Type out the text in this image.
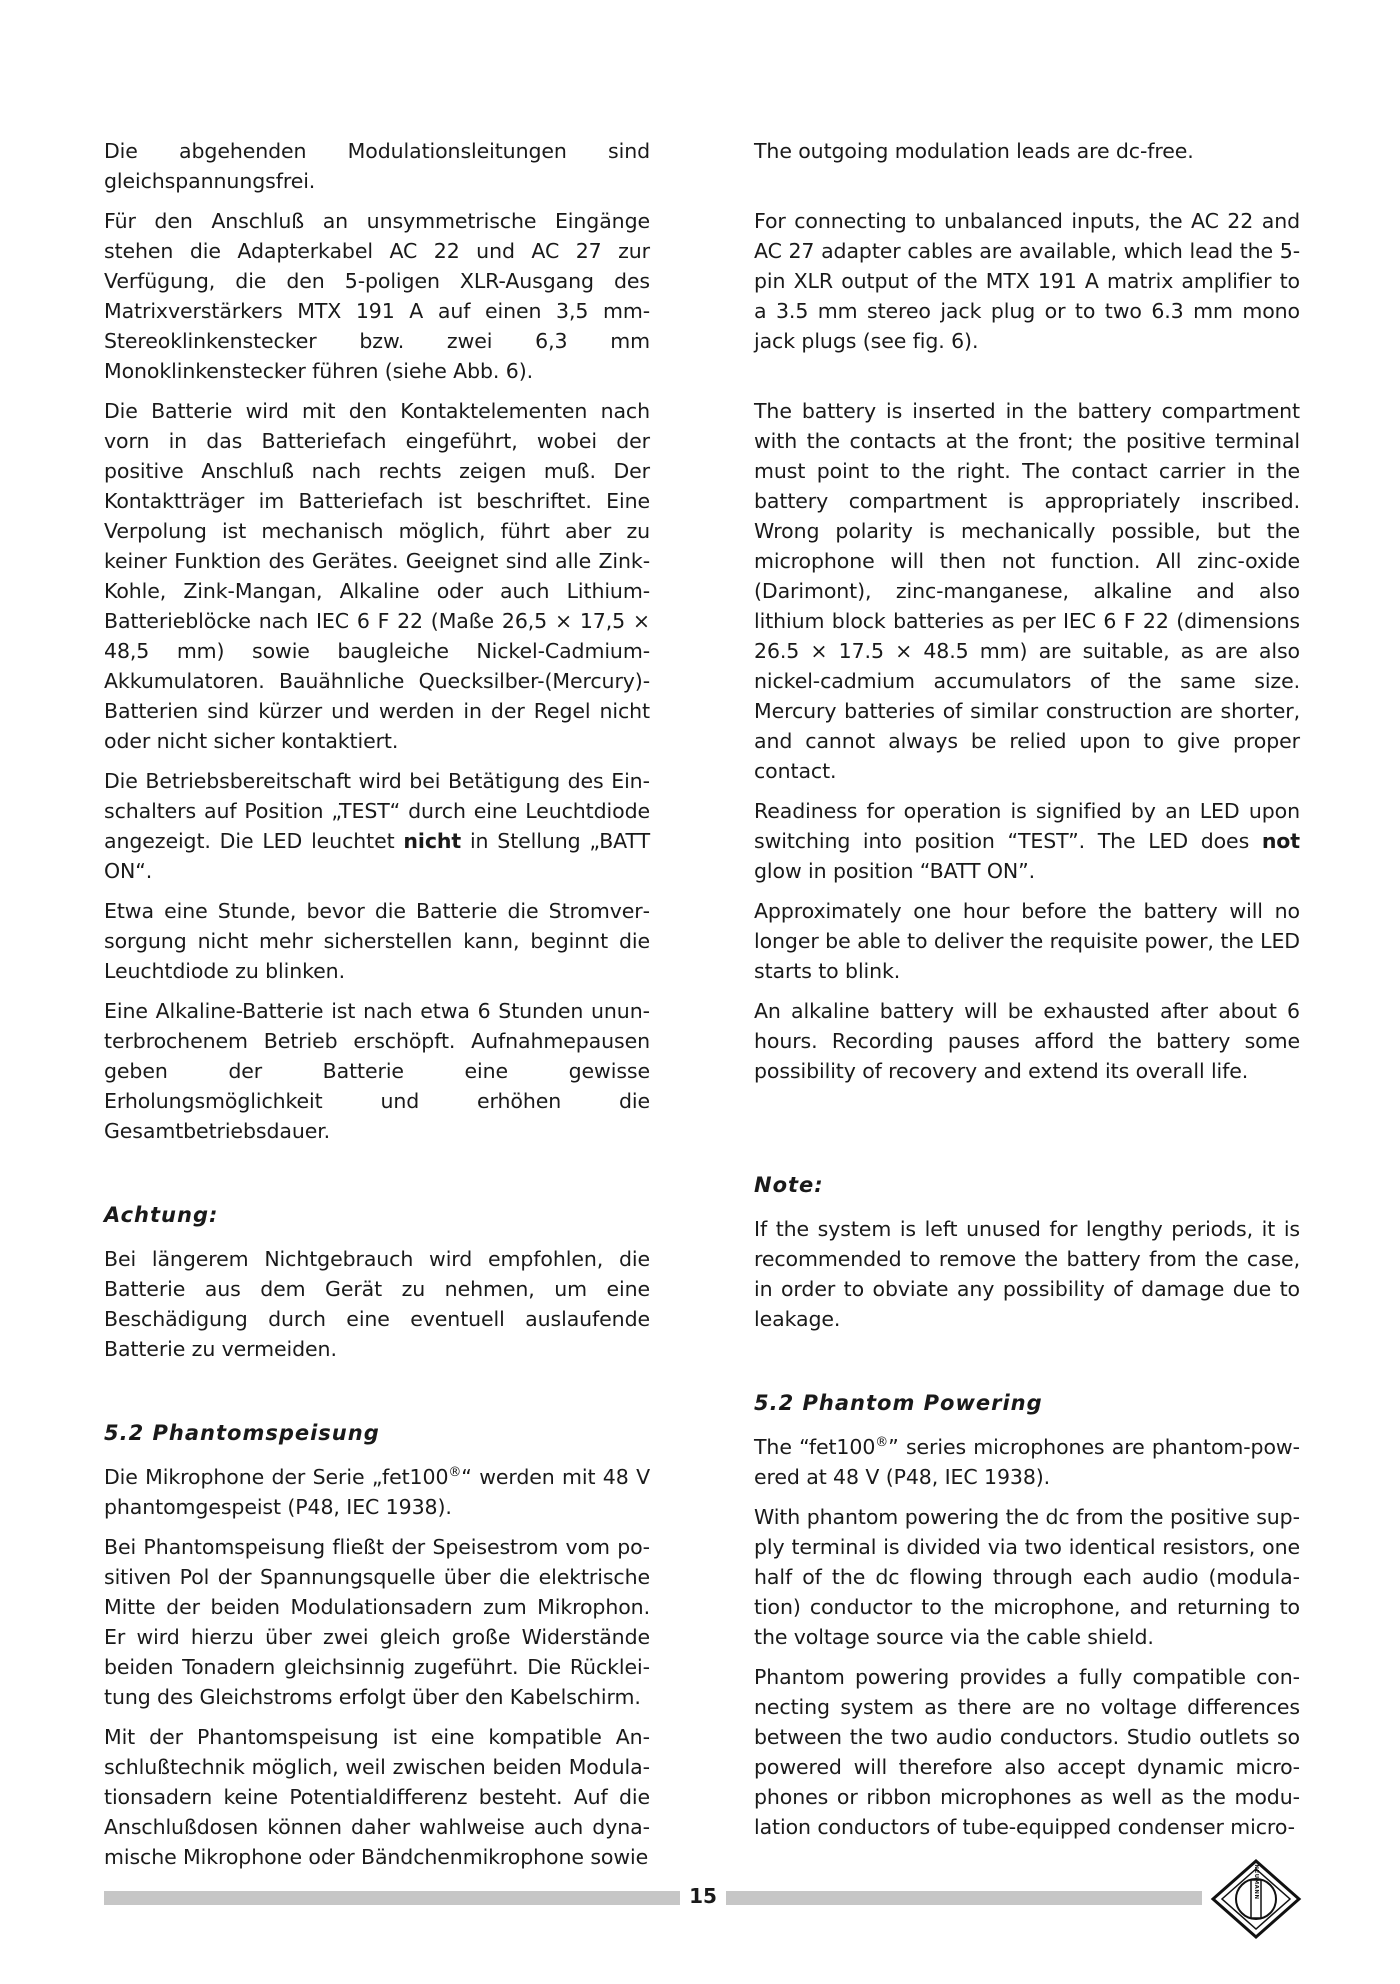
Die abgehenden Modulationsleitungen sind gleichspannungsfrei.

Für den Anschluß an unsymmetrische Eingänge stehen die Adapterkabel AC 22 und AC 27 zur Verfügung, die den 5-poligen XLR-Ausgang des Matrixverstärkers MTX 191 A auf einen 3,5 mm-Stereoklinkenstecker bzw. zwei 6,3 mm Monoklinkenstecker führen (siehe Abb. 6).

Die Batterie wird mit den Kontaktelementen nach vorn in das Batteriefach eingeführt, wobei der positive Anschluß nach rechts zeigen muß. Der Kontaktträger im Batteriefach ist beschriftet. Eine Verpolung ist mechanisch möglich, führt aber zu keiner Funktion des Gerätes. Geeignet sind alle Zink-Kohle, Zink-Mangan, Alkaline oder auch Lithium-Batterieblöcke nach IEC 6 F 22 (Maße 26,5 × 17,5 × 48,5 mm) sowie baugleiche Nickel-Cadmium-Akkumulatoren. Bauähnliche Quecksilber-(Mercury)-Batterien sind kürzer und werden in der Regel nicht oder nicht sicher kontaktiert.

Die Betriebsbereitschaft wird bei Betätigung des Einschalters auf Position „TEST“ durch eine Leuchtdiode angezeigt. Die LED leuchtet nicht in Stellung „BATT ON“.

Etwa eine Stunde, bevor die Batterie die Stromversorgung nicht mehr sicherstellen kann, beginnt die Leuchtdiode zu blinken.

Eine Alkaline-Batterie ist nach etwa 6 Stunden ununterbrochenem Betrieb erschöpft. Aufnahmepausen geben der Batterie eine gewisse Erholungsmöglichkeit und erhöhen die Gesamtbetriebsdauer.

Achtung:

Bei längerem Nichtgebrauch wird empfohlen, die Batterie aus dem Gerät zu nehmen, um eine Beschädigung durch eine eventuell auslaufende Batterie zu vermeiden.

5.2 Phantomspeisung

Die Mikrophone der Serie „fet100®“ werden mit 48 V phantomgespeist (P48, IEC 1938).

Bei Phantomspeisung fließt der Speisestrom vom positiven Pol der Spannungsquelle über die elektrische Mitte der beiden Modulationsadern zum Mikrophon. Er wird hierzu über zwei gleich große Widerstände beiden Tonadern gleichsinnig zugeführt. Die Rückleitung des Gleichstroms erfolgt über den Kabelschirm.

Mit der Phantomspeisung ist eine kompatible Anschlußtechnik möglich, weil zwischen beiden Modulationsadern keine Potentialdifferenz besteht. Auf die Anschlußdosen können daher wahlweise auch dynamische Mikrophone oder Bändchenmikrophone sowie

The outgoing modulation leads are dc-free.

For connecting to unbalanced inputs, the AC 22 and AC 27 adapter cables are available, which lead the 5-pin XLR output of the MTX 191 A matrix amplifier to a 3.5 mm stereo jack plug or to two 6.3 mm mono jack plugs (see fig. 6).

The battery is inserted in the battery compartment with the contacts at the front; the positive terminal must point to the right. The contact carrier in the battery compartment is appropriately inscribed. Wrong polarity is mechanically possible, but the microphone will then not function. All zinc-oxide (Darimont), zinc-manganese, alkaline and also lithium block batteries as per IEC 6 F 22 (dimensions 26.5 × 17.5 × 48.5 mm) are suitable, as are also nickel-cadmium accumulators of the same size. Mercury batteries of similar construction are shorter, and cannot always be relied upon to give proper contact.

Readiness for operation is signified by an LED upon switching into position “TEST”. The LED does not glow in position “BATT ON”.

Approximately one hour before the battery will no longer be able to deliver the requisite power, the LED starts to blink.

An alkaline battery will be exhausted after about 6 hours. Recording pauses afford the battery some possibility of recovery and extend its overall life.

Note:

If the system is left unused for lengthy periods, it is recommended to remove the battery from the case, in order to obviate any possibility of damage due to leakage.

5.2 Phantom Powering

The “fet100®” series microphones are phantom-powered at 48 V (P48, IEC 1938).

With phantom powering the dc from the positive supply terminal is divided via two identical resistors, one half of the dc flowing through each audio (modulation) conductor to the microphone, and returning to the voltage source via the cable shield.

Phantom powering provides a fully compatible connecting system as there are no voltage differences between the two audio conductors. Studio outlets so powered will therefore also accept dynamic microphones or ribbon microphones as well as the modulation conductors of tube-equipped condenser micro-

15	NEUMANN
